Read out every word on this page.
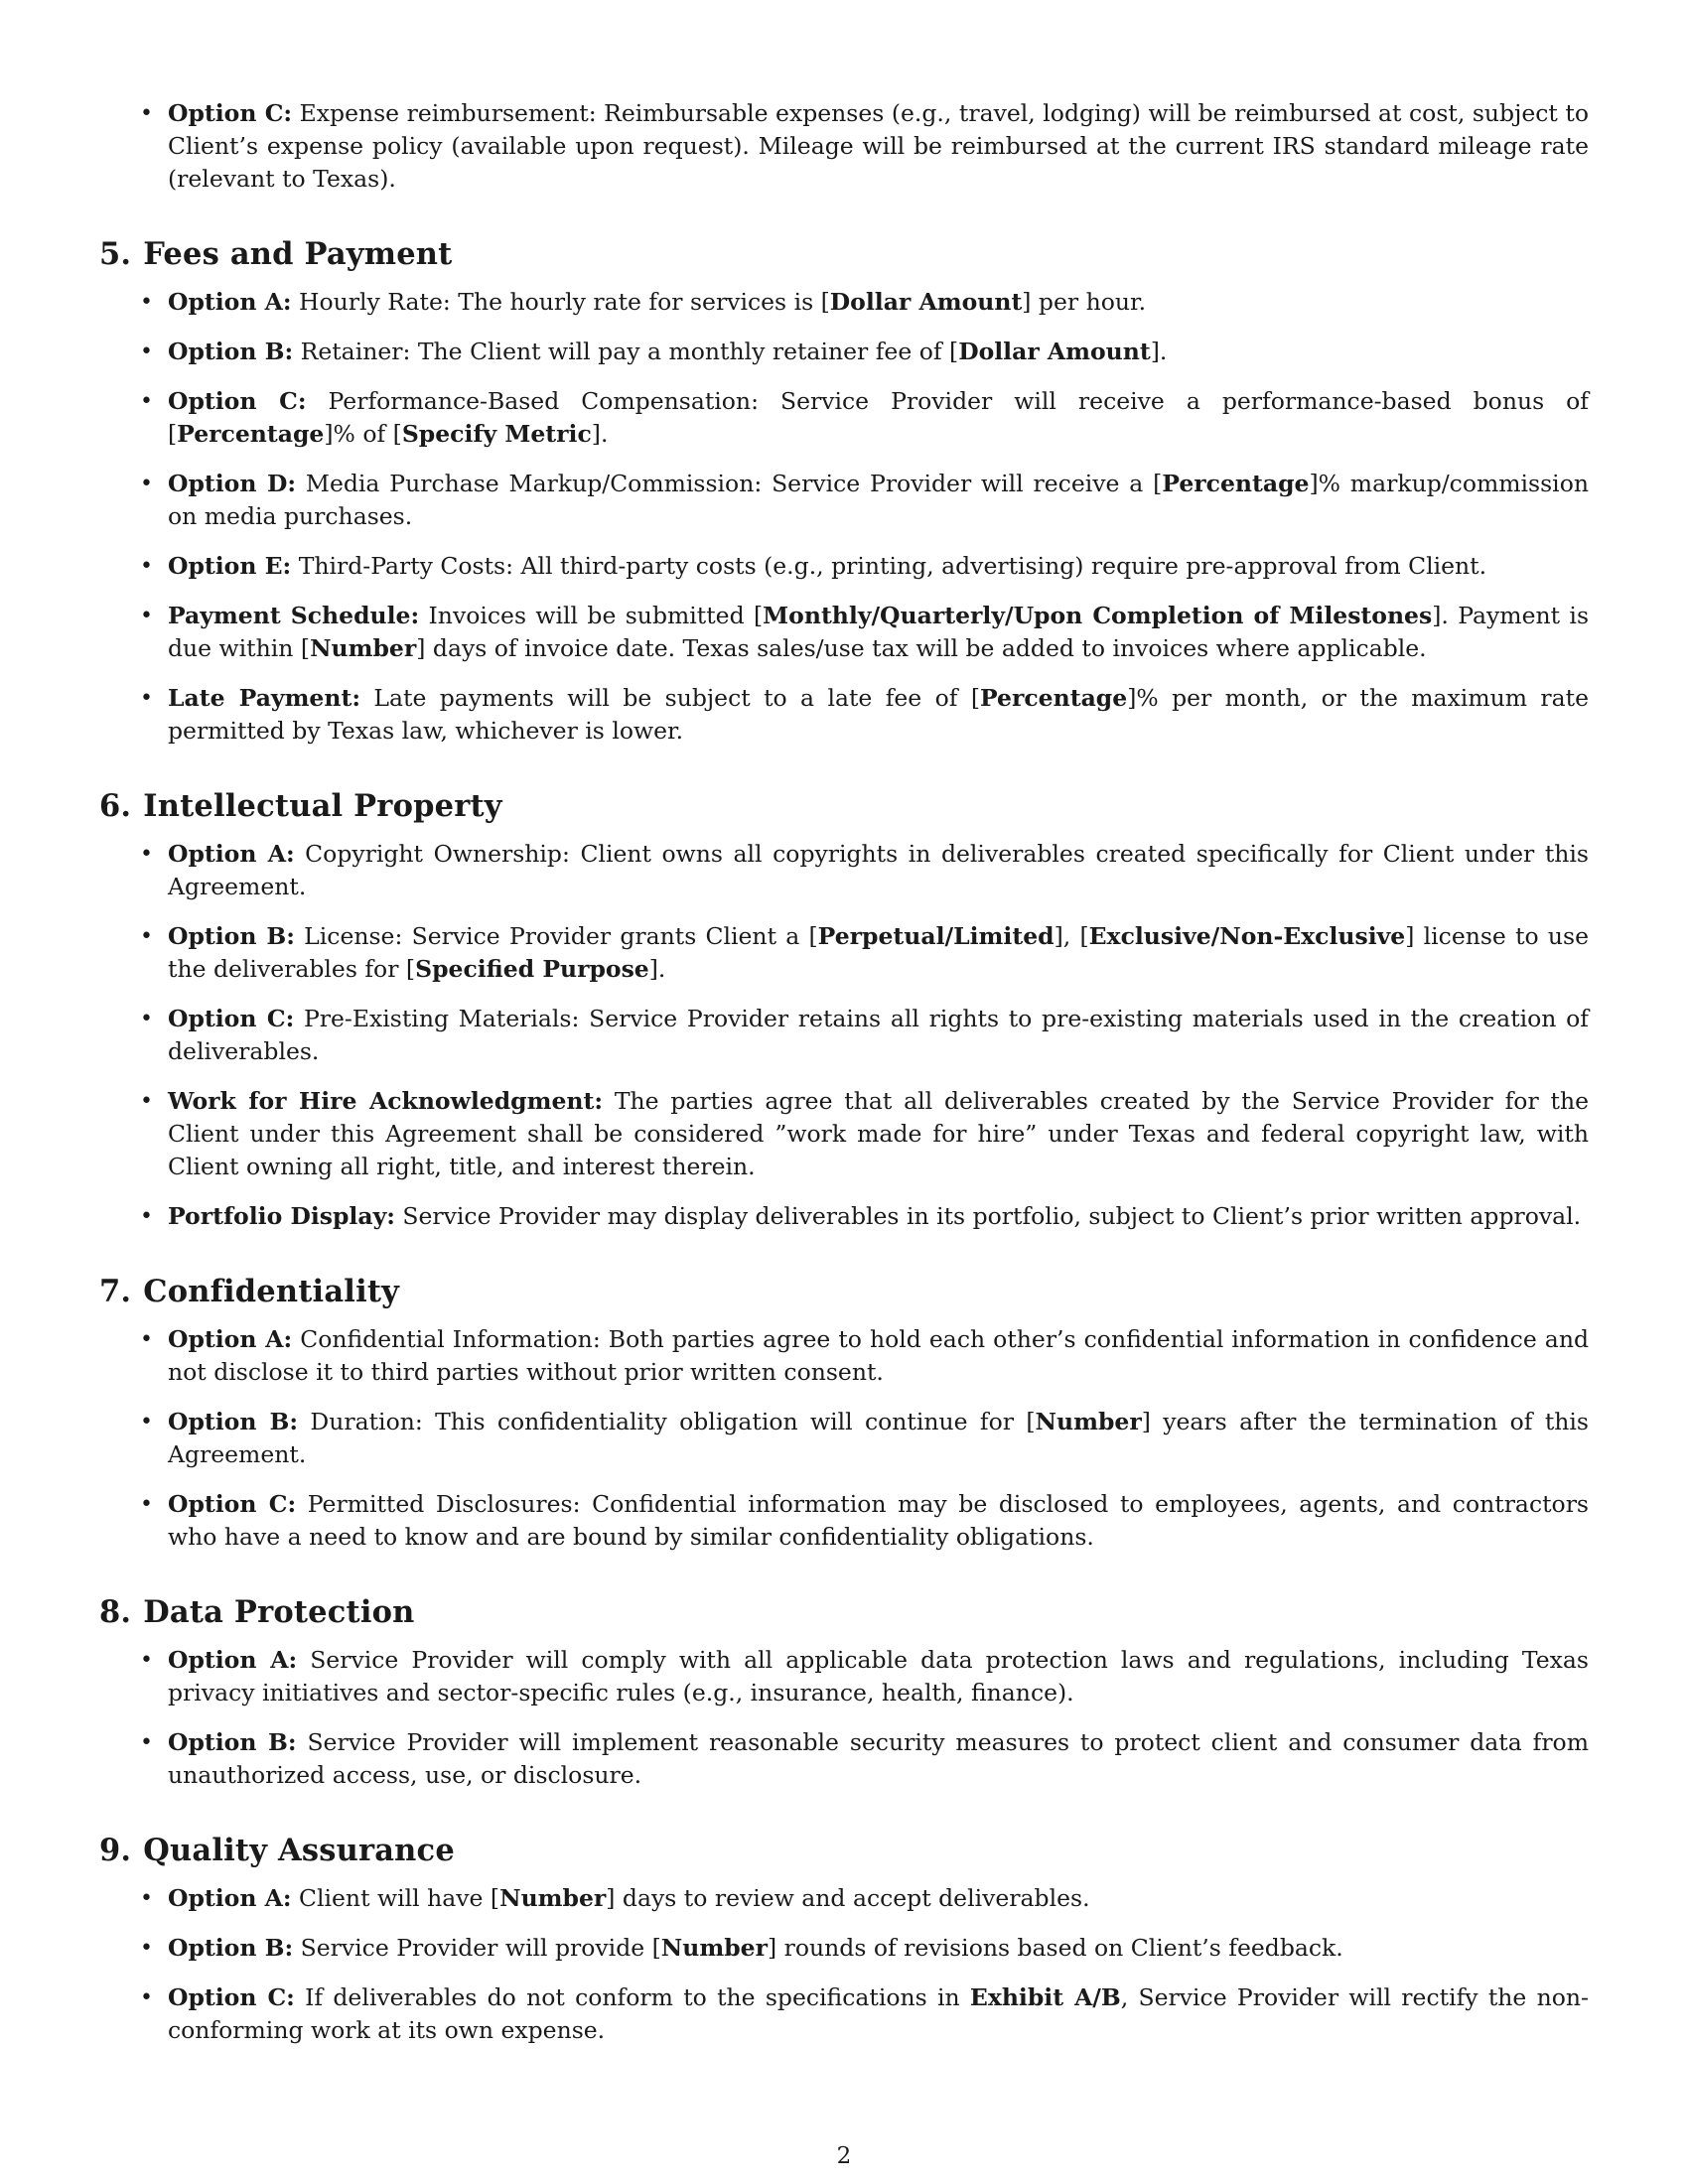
• Option C: Expense reimbursement: Reimbursable expenses (e.g., travel, lodging) will be reimbursed at cost, subject to Client’s expense policy (available upon request). Mileage will be reimbursed at the current IRS standard mileage rate (relevant to Texas).
5. Fees and Payment
• Option A: Hourly Rate: The hourly rate for services is [Dollar Amount] per hour.
• Option B: Retainer: The Client will pay a monthly retainer fee of [Dollar Amount].
• Option C: Performance-Based Compensation: Service Provider will receive a performance-based bonus of [Percentage]% of [Specify Metric].
• Option D: Media Purchase Markup/Commission: Service Provider will receive a [Percentage]% markup/commission on media purchases.
• Option E: Third-Party Costs: All third-party costs (e.g., printing, advertising) require pre-approval from Client.
• Payment Schedule: Invoices will be submitted [Monthly/Quarterly/Upon Completion of Milestones]. Payment is due within [Number] days of invoice date. Texas sales/use tax will be added to invoices where applicable.
• Late Payment: Late payments will be subject to a late fee of [Percentage]% per month, or the maximum rate permitted by Texas law, whichever is lower.
6. Intellectual Property
• Option A: Copyright Ownership: Client owns all copyrights in deliverables created specifically for Client under this Agreement.
• Option B: License: Service Provider grants Client a [Perpetual/Limited], [Exclusive/Non-Exclusive] license to use the deliverables for [Specified Purpose].
• Option C: Pre-Existing Materials: Service Provider retains all rights to pre-existing materials used in the creation of deliverables.
• Work for Hire Acknowledgment: The parties agree that all deliverables created by the Service Provider for the Client under this Agreement shall be considered ”work made for hire” under Texas and federal copyright law, with Client owning all right, title, and interest therein.
• Portfolio Display: Service Provider may display deliverables in its portfolio, subject to Client’s prior written approval.
7. Confidentiality
• Option A: Confidential Information: Both parties agree to hold each other’s confidential information in confidence and not disclose it to third parties without prior written consent.
• Option B: Duration: This confidentiality obligation will continue for [Number] years after the termination of this Agreement.
• Option C: Permitted Disclosures: Confidential information may be disclosed to employees, agents, and contractors who have a need to know and are bound by similar confidentiality obligations.
8. Data Protection
• Option A: Service Provider will comply with all applicable data protection laws and regulations, including Texas privacy initiatives and sector-specific rules (e.g., insurance, health, finance).
• Option B: Service Provider will implement reasonable security measures to protect client and consumer data from unauthorized access, use, or disclosure.
9. Quality Assurance
• Option A: Client will have [Number] days to review and accept deliverables.
• Option B: Service Provider will provide [Number] rounds of revisions based on Client’s feedback.
• Option C: If deliverables do not conform to the specifications in Exhibit A/B, Service Provider will rectify the non-conforming work at its own expense.
2
